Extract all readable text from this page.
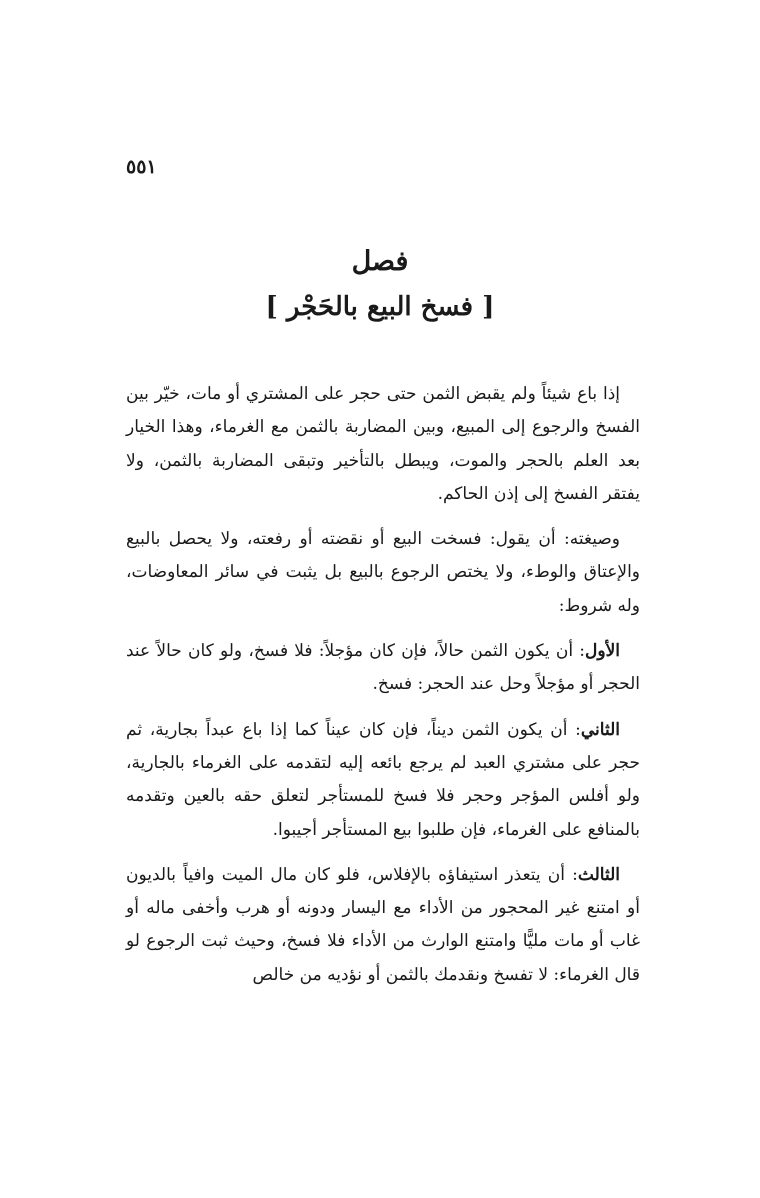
٥٥١
فصل
[ فسخ البيع بالحَجْر ]

إذا باع شيئاً ولم يقبض الثمن حتى حجر على المشتري أو مات، خيّر بين الفسخ والرجوع إلى المبيع، وبين المضاربة بالثمن مع الغرماء، وهذا الخيار بعد العلم بالحجر والموت، ويبطل بالتأخير وتبقى المضاربة بالثمن، ولا يفتقر الفسخ إلى إذن الحاكم.

وصيغته: أن يقول: فسخت البيع أو نقضته أو رفعته، ولا يحصل بالبيع والإعتاق والوطء، ولا يختص الرجوع بالبيع بل يثبت في سائر المعاوضات، وله شروط:

الأول: أن يكون الثمن حالاً، فإن كان مؤجلاً: فلا فسخ، ولو كان حالاً عند الحجر أو مؤجلاً وحل عند الحجر: فسخ.

الثاني: أن يكون الثمن ديناً، فإن كان عيناً كما إذا باع عبداً بجارية، ثم حجر على مشتري العبد لم يرجع بائعه إليه لتقدمه على الغرماء بالجارية، ولو أفلس المؤجر وحجر فلا فسخ للمستأجر لتعلق حقه بالعين وتقدمه بالمنافع على الغرماء، فإن طلبوا بيع المستأجر أجيبوا.

الثالث: أن يتعذر استيفاؤه بالإفلاس، فلو كان مال الميت وافياً بالديون أو امتنع غير المحجور من الأداء مع اليسار ودونه أو هرب وأخفى ماله أو غاب أو مات مليًّا وامتنع الوارث من الأداء فلا فسخ، وحيث ثبت الرجوع لو قال الغرماء: لا تفسخ ونقدمك بالثمن أو نؤديه من خالص
